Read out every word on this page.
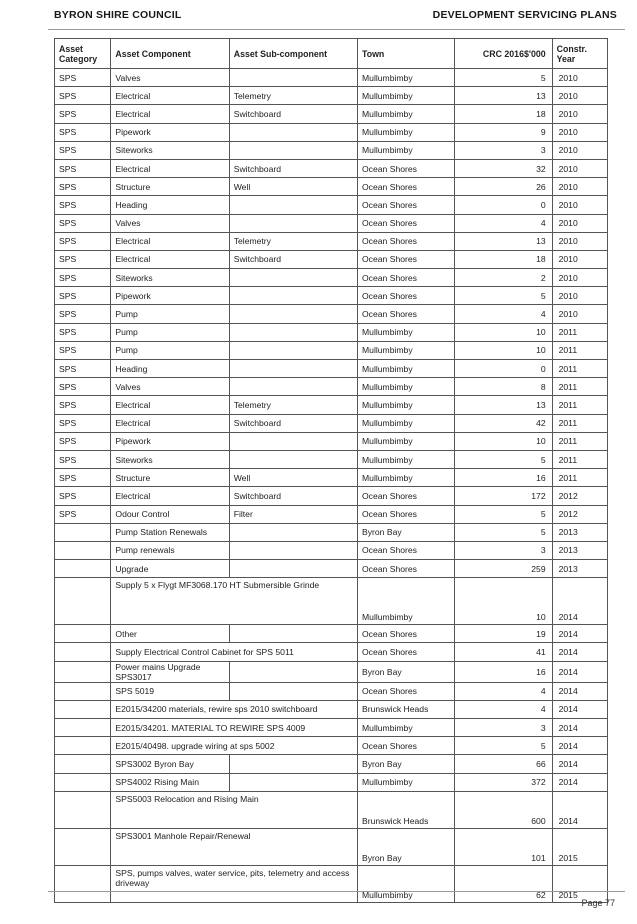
BYRON SHIRE COUNCIL	DEVELOPMENT SERVICING PLANS
Asset Category	Asset Component	Asset Sub-component	Town	CRC 2016$'000	Constr. Year
SPS	Valves		Mullumbimby	5	2010
SPS	Electrical	Telemetry	Mullumbimby	13	2010
SPS	Electrical	Switchboard	Mullumbimby	18	2010
SPS	Pipework		Mullumbimby	9	2010
SPS	Siteworks		Mullumbimby	3	2010
SPS	Electrical	Switchboard	Ocean Shores	32	2010
SPS	Structure	Well	Ocean Shores	26	2010
SPS	Heading		Ocean Shores	0	2010
SPS	Valves		Ocean Shores	4	2010
SPS	Electrical	Telemetry	Ocean Shores	13	2010
SPS	Electrical	Switchboard	Ocean Shores	18	2010
SPS	Siteworks		Ocean Shores	2	2010
SPS	Pipework		Ocean Shores	5	2010
SPS	Pump		Ocean Shores	4	2010
SPS	Pump		Mullumbimby	10	2011
SPS	Pump		Mullumbimby	10	2011
SPS	Heading		Mullumbimby	0	2011
SPS	Valves		Mullumbimby	8	2011
SPS	Electrical	Telemetry	Mullumbimby	13	2011
SPS	Electrical	Switchboard	Mullumbimby	42	2011
SPS	Pipework		Mullumbimby	10	2011
SPS	Siteworks		Mullumbimby	5	2011
SPS	Structure	Well	Mullumbimby	16	2011
SPS	Electrical	Switchboard	Ocean Shores	172	2012
SPS	Odour Control	Filter	Ocean Shores	5	2012
	Pump Station Renewals		Byron Bay	5	2013
	Pump renewals		Ocean Shores	3	2013
	Upgrade		Ocean Shores	259	2013
	Supply 5 x Flygt MF3068.170 HT Submersible Grinde		Mullumbimby	10	2014
	Other		Ocean Shores	19	2014
	Supply Electrical Control Cabinet for SPS 5011		Ocean Shores	41	2014
	Power mains Upgrade SPS3017		Byron Bay	16	2014
	SPS 5019		Ocean Shores	4	2014
	E2015/34200 materials, rewire sps 2010 switchboard		Brunswick Heads	4	2014
	E2015/34201. MATERIAL TO REWIRE SPS 4009		Mullumbimby	3	2014
	E2015/40498. upgrade wiring at sps 5002		Ocean Shores	5	2014
	SPS3002 Byron Bay		Byron Bay	66	2014
	SPS4002 Rising Main		Mullumbimby	372	2014
	SPS5003 Relocation and Rising Main		Brunswick Heads	600	2014
	SPS3001 Manhole Repair/Renewal		Byron Bay	101	2015
	SPS, pumps valves, water service, pits, telemetry and access driveway		Mullumbimby	62	2015
Page 77
